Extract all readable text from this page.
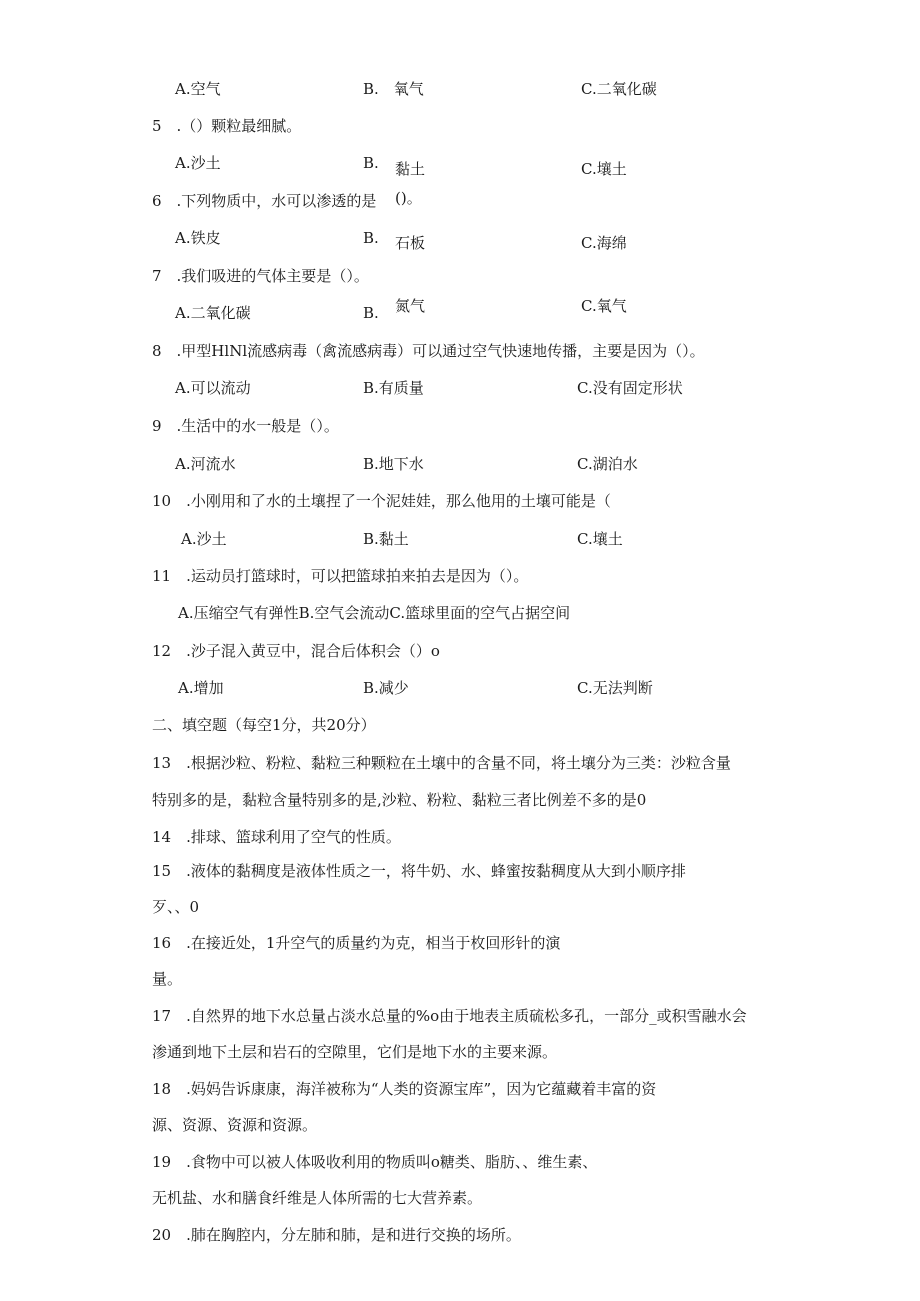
A.空气	B.　氧气	C.二氧化碳
5　.（）颗粒最细腻。
A.沙土	B. 黏土	C.壤土
6　.下列物质中，水可以渗透的是 ()。
A.铁皮	B. 石板	C.海绵
7　.我们吸进的气体主要是（）。
A.二氧化碳	B. 氮气	C.氧气
8　.甲型HlNl流感病毒（禽流感病毒）可以通过空气快速地传播，主要是因为（）。
A.可以流动	B.有质量	C.没有固定形状
9　.生活中的水一般是（）。
A.河流水	B.地下水	C.湖泊水
10　.小刚用和了水的土壤捏了一个泥娃娃，那么他用的土壤可能是（
A.沙土	B.黏土	C.壤土
11　.运动员打篮球时，可以把篮球拍来拍去是因为（）。
A.压缩空气有弹性B.空气会流动C.篮球里面的空气占据空间
12　.沙子混入黄豆中，混合后体积会（）o
A.增加	B.减少	C.无法判断
二、填空题（每空1分，共20分）
13　.根据沙粒、粉粒、黏粒三种颗粒在土壤中的含量不同，将土壤分为三类：沙粒含量
特别多的是，黏粒含量特别多的是,沙粒、粉粒、黏粒三者比例差不多的是0
14　.排球、篮球利用了空气的性质。
15　.液体的黏稠度是液体性质之一，将牛奶、水、蜂蜜按黏稠度从大到小顺序排
歹、、0
16　.在接近处，1升空气的质量约为克，相当于枚回形针的演
量。
17　.自然界的地下水总量占淡水总量的%o由于地表主质硫松多孔，一部分_或积雪融水会
渗通到地下土层和岩石的空隙里，它们是地下水的主要来源。
18　.妈妈告诉康康，海洋被称为“人类的资源宝库”，因为它蕴藏着丰富的资
源、资源、资源和资源。
19　.食物中可以被人体吸收利用的物质叫o糖类、脂肪、、维生素、
无机盐、水和膳食纤维是人体所需的七大营养素。
20　.肺在胸腔内，分左肺和肺，是和进行交换的场所。
